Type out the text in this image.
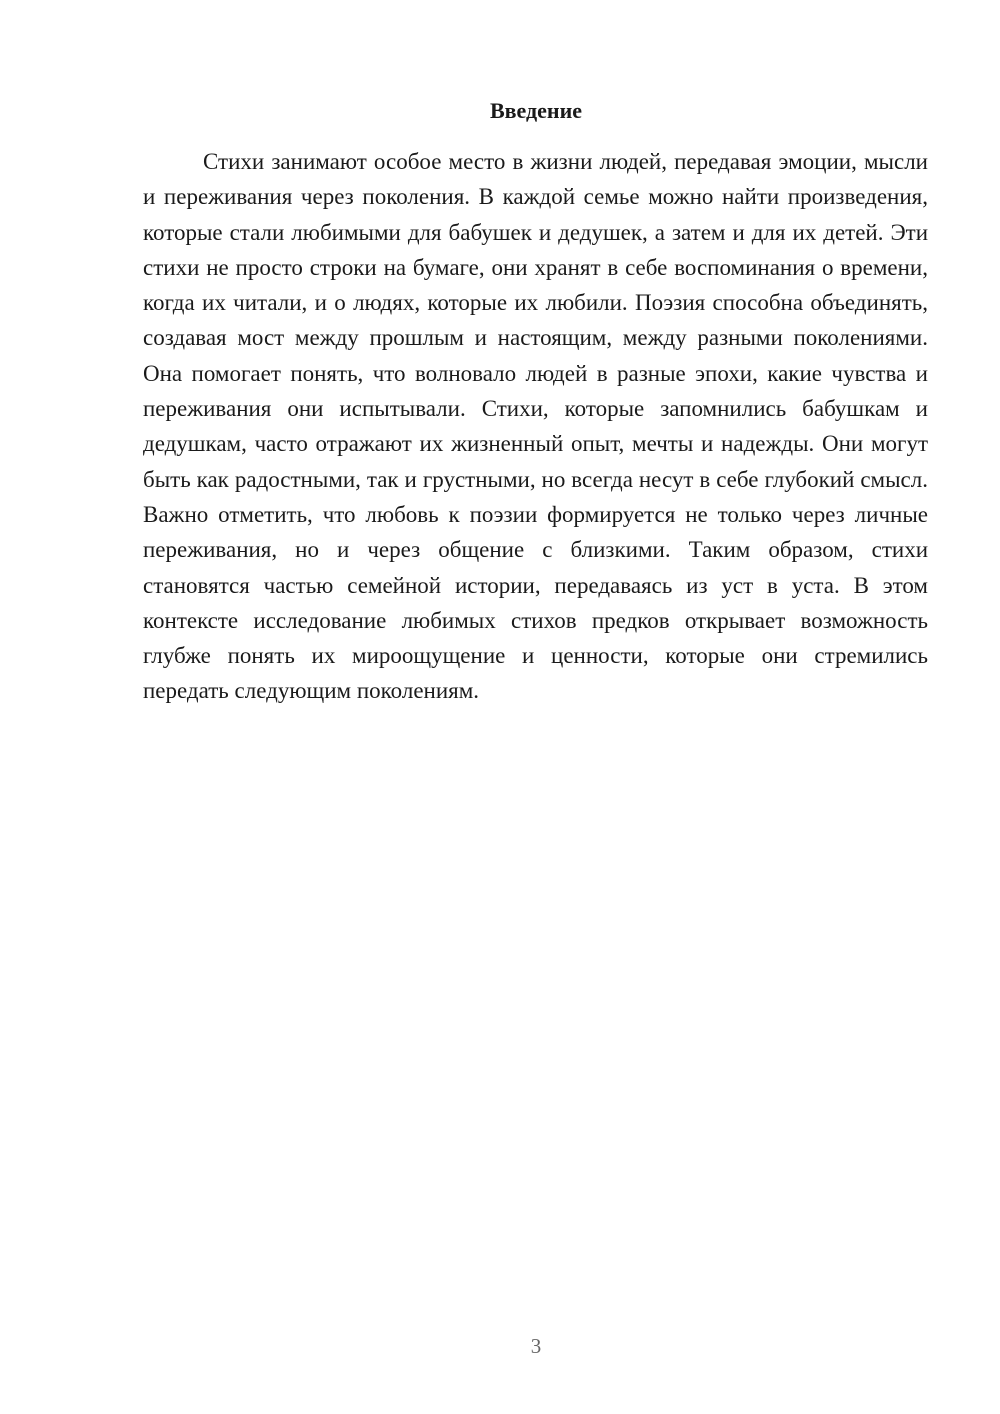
Введение

Стихи занимают особое место в жизни людей, передавая эмоции, мысли и переживания через поколения. В каждой семье можно найти произведения, которые стали любимыми для бабушек и дедушек, а затем и для их детей. Эти стихи не просто строки на бумаге, они хранят в себе воспоминания о времени, когда их читали, и о людях, которые их любили. Поэзия способна объединять, создавая мост между прошлым и настоящим, между разными поколениями. Она помогает понять, что волновало людей в разные эпохи, какие чувства и переживания они испытывали. Стихи, которые запомнились бабушкам и дедушкам, часто отражают их жизненный опыт, мечты и надежды. Они могут быть как радостными, так и грустными, но всегда несут в себе глубокий смысл. Важно отметить, что любовь к поэзии формируется не только через личные переживания, но и через общение с близкими. Таким образом, стихи становятся частью семейной истории, передаваясь из уст в уста. В этом контексте исследование любимых стихов предков открывает возможность глубже понять их мироощущение и ценности, которые они стремились передать следующим поколениям.

3
